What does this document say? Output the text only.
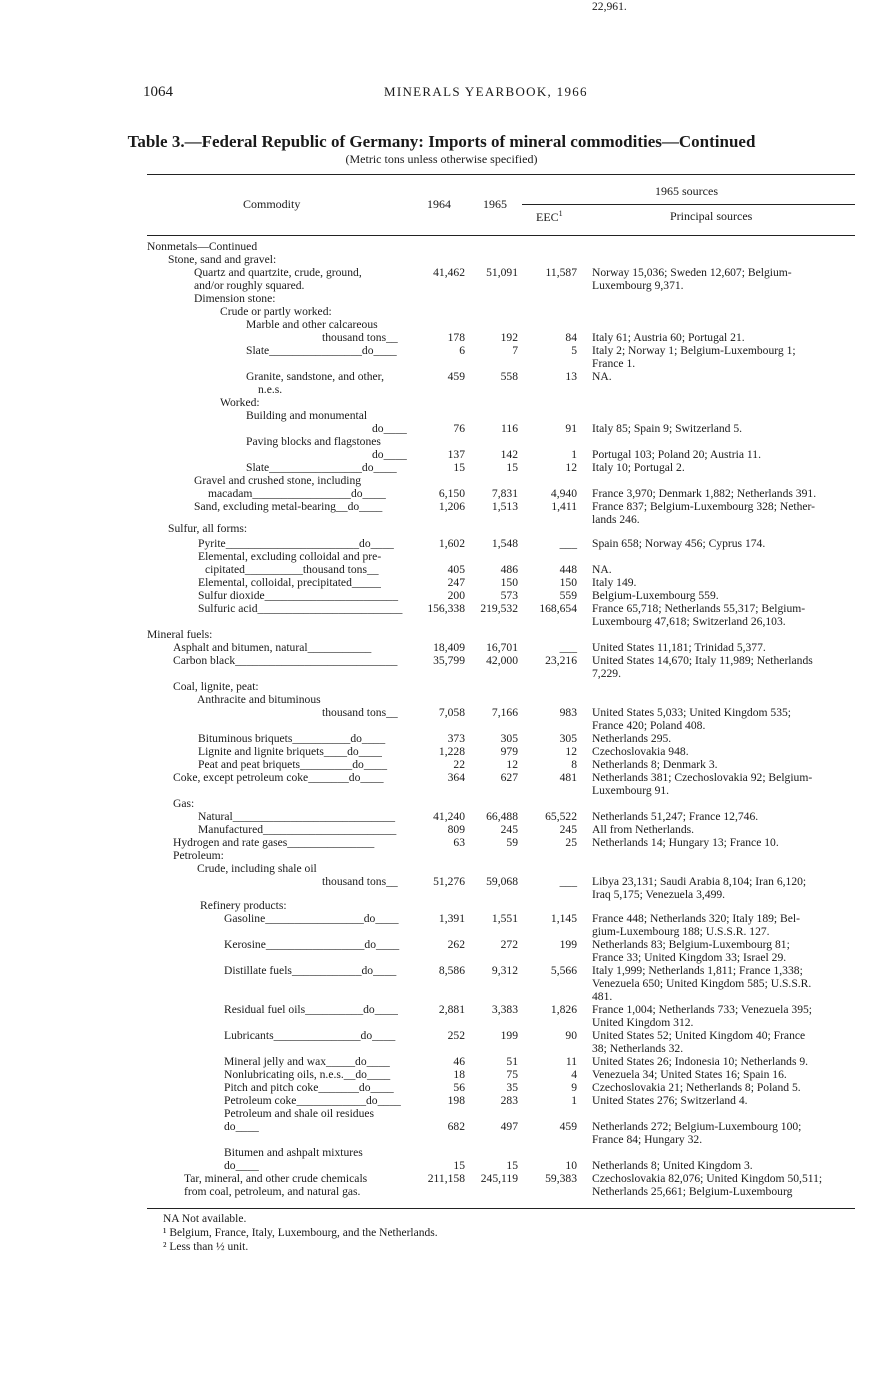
1064	MINERALS YEARBOOK, 1966
Table 3.—Federal Republic of Germany: Imports of mineral commodities—Continued
(Metric tons unless otherwise specified)
Commodity	1964	1965
1965 sources
EEC$^1$	Principal sources
Nonmetals—Continued
Stone, sand and gravel:
Quartz and quartzite, crude, ground,	41,462 51,091 11,587 Norway 15,036; Sweden 12,607; Belgium-
and/or roughly squared.	Luxembourg 9,371.
Dimension stone:
Crude or partly worked:
Marble and other calcareous
thousand tons__	178	192	84 Italy 61; Austria 60; Portugal 21.
Slate________________do____	6	7	5 Italy 2; Norway 1; Belgium-Luxembourg 1;
France 1.
Granite, sandstone, and other,	459	558	13 NA.
n.e.s.
Worked:
Building and monumental
do____	76	116	91 Italy 85; Spain 9; Switzerland 5.
Paving blocks and flagstones
do____	137	142	1 Portugal 103; Poland 20; Austria 11.
Slate________________do____	15	15	12 Italy 10; Portugal 2.
Gravel and crushed stone, including
macadam_________________do____	6,150 7,831	4,940 France 3,970; Denmark 1,882; Netherlands 391.
Sand, excluding metal-bearing__do____	1,206 1,513	1,411 France 837; Belgium-Luxembourg 328; Nether-
lands 246.
Sulfur, all forms:
Pyrite_______________________do____	1,602 1,548	___ Spain 658; Norway 456; Cyprus 174.
Elemental, excluding colloidal and pre-
cipitated__________thousand tons__	405	486	448 NA.
Elemental, colloidal, precipitated_____	247	150	150 Italy 149.
Sulfur dioxide_______________________	200	573	559 Belgium-Luxembourg 559.
Sulfuric acid_________________________ 156,338 219,532 168,654 France 65,718; Netherlands 55,317; Belgium-
Luxembourg 47,618; Switzerland 26,103.
Mineral fuels:
Asphalt and bitumen, natural___________	18,409 16,701	___ United States 11,181; Trinidad 5,377.
Carbon black____________________________	35,799 42,000 23,216 United States 14,670; Italy 11,989; Netherlands
7,229.
Coal, lignite, peat:
Anthracite and bituminous
thousand tons__	7,058 7,166	983 United States 5,033; United Kingdom 535;
France 420; Poland 408.
Bituminous briquets__________do____	373	305	305 Netherlands 295.
Lignite and lignite briquets____do____	1,228	979	12 Czechoslovakia 948.
Peat and peat briquets_________do____	22	12	8 Netherlands 8; Denmark 3.
Coke, except petroleum coke_______do____	364	627	481 Netherlands 381; Czechoslovakia 92; Belgium-
Luxembourg 91.
Gas:
Natural____________________________	41,240 66,488 65,522 Netherlands 51,247; France 12,746.
Manufactured_______________________	809	245	245 All from Netherlands.
Hydrogen and rate gases_______________	63	59	25 Netherlands 14; Hungary 13; France 10.
Petroleum:
Crude, including shale oil
thousand tons__	51,276 59,068	___ Libya 23,131; Saudi Arabia 8,104; Iran 6,120;
Iraq 5,175; Venezuela 3,499.
Refinery products:
Gasoline_________________do____	1,391 1,551	1,145 France 448; Netherlands 320; Italy 189; Bel-
gium-Luxembourg 188; U.S.S.R. 127.
Kerosine_________________do____	262	272	199 Netherlands 83; Belgium-Luxembourg 81;
France 33; United Kingdom 33; Israel 29.
Distillate fuels____________do____	8,586 9,312	5,566 Italy 1,999; Netherlands 1,811; France 1,338;
Venezuela 650; United Kingdom 585; U.S.S.R.
481.
Residual fuel oils__________do____	2,881 3,383	1,826 France 1,004; Netherlands 733; Venezuela 395;
United Kingdom 312.
Lubricants_______________do____	252	199	90 United States 52; United Kingdom 40; France
38; Netherlands 32.
Mineral jelly and wax_____do____	46	51	11 United States 26; Indonesia 10; Netherlands 9.
Nonlubricating oils, n.e.s.__do____	18	75	4 Venezuela 34; United States 16; Spain 16.
Pitch and pitch coke_______do____	56	35	9 Czechoslovakia 21; Netherlands 8; Poland 5.
Petroleum coke____________do____	198	283	1 United States 276; Switzerland 4.
Petroleum and shale oil residues
do____	682	497	459 Netherlands 272; Belgium-Luxembourg 100;
France 84; Hungary 32.
Bitumen and ashpalt mixtures
do____	15	15	10 Netherlands 8; United Kingdom 3.
Tar, mineral, and other crude chemicals	211,158 245,119 59,383 Czechoslovakia 82,076; United Kingdom 50,511;
from coal, petroleum, and natural gas.	Netherlands 25,661; Belgium-Luxembourg
22,961.
NA Not available.
¹ Belgium, France, Italy, Luxembourg, and the Netherlands.
² Less than ½ unit.
